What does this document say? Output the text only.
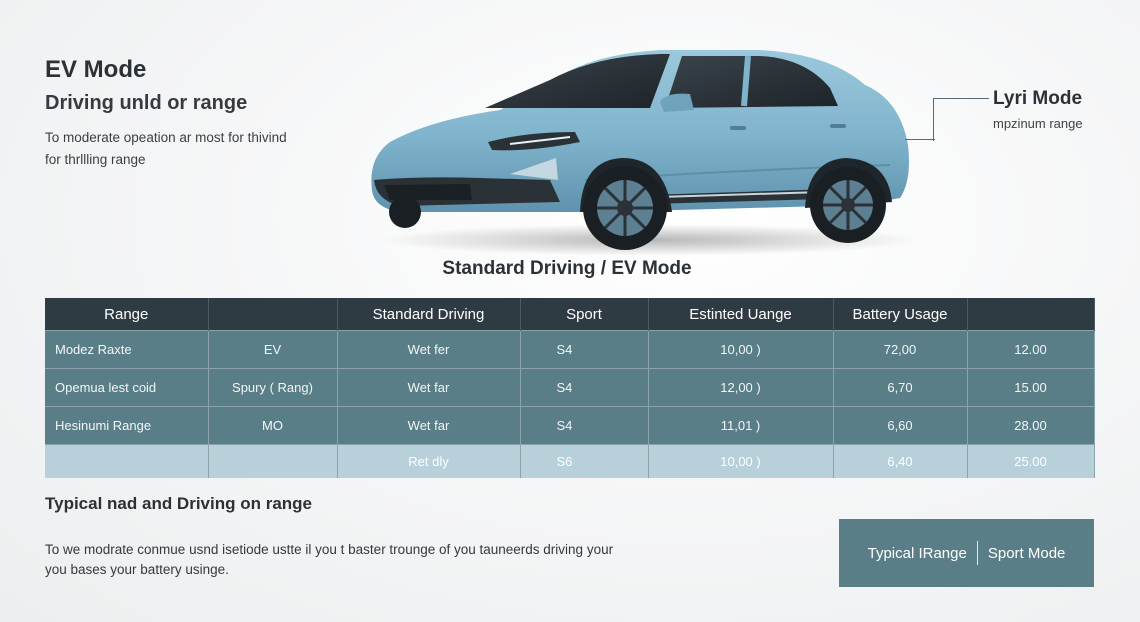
EV Mode
Driving unld or range

To moderate opeation ar most for thivind
for thrllling range

Lyri Mode
mpzinum range
Standard Driving / EV Mode
Range		Standard Driving	Sport	Estinted Uange	Battery Usage	
Modez Raxte	EV	Wet fer	S4	10,00 )	72,00	12.00
Opemua lest coid	Spury ( Rang)	Wet far	S4	12,00 )	6,70	15.00
Hesinumi Range	MO	Wet far	S4	11,01 )	6,60	28.00
		Ret dly	S6	10,00 )	6,40	25.00
Typical nad and Driving on range
To we modrate conmue usnd isetiode ustte il you t baster trounge of you tauneerds driving your
you bases your battery usinge.
Typical IRange Sport Mode
